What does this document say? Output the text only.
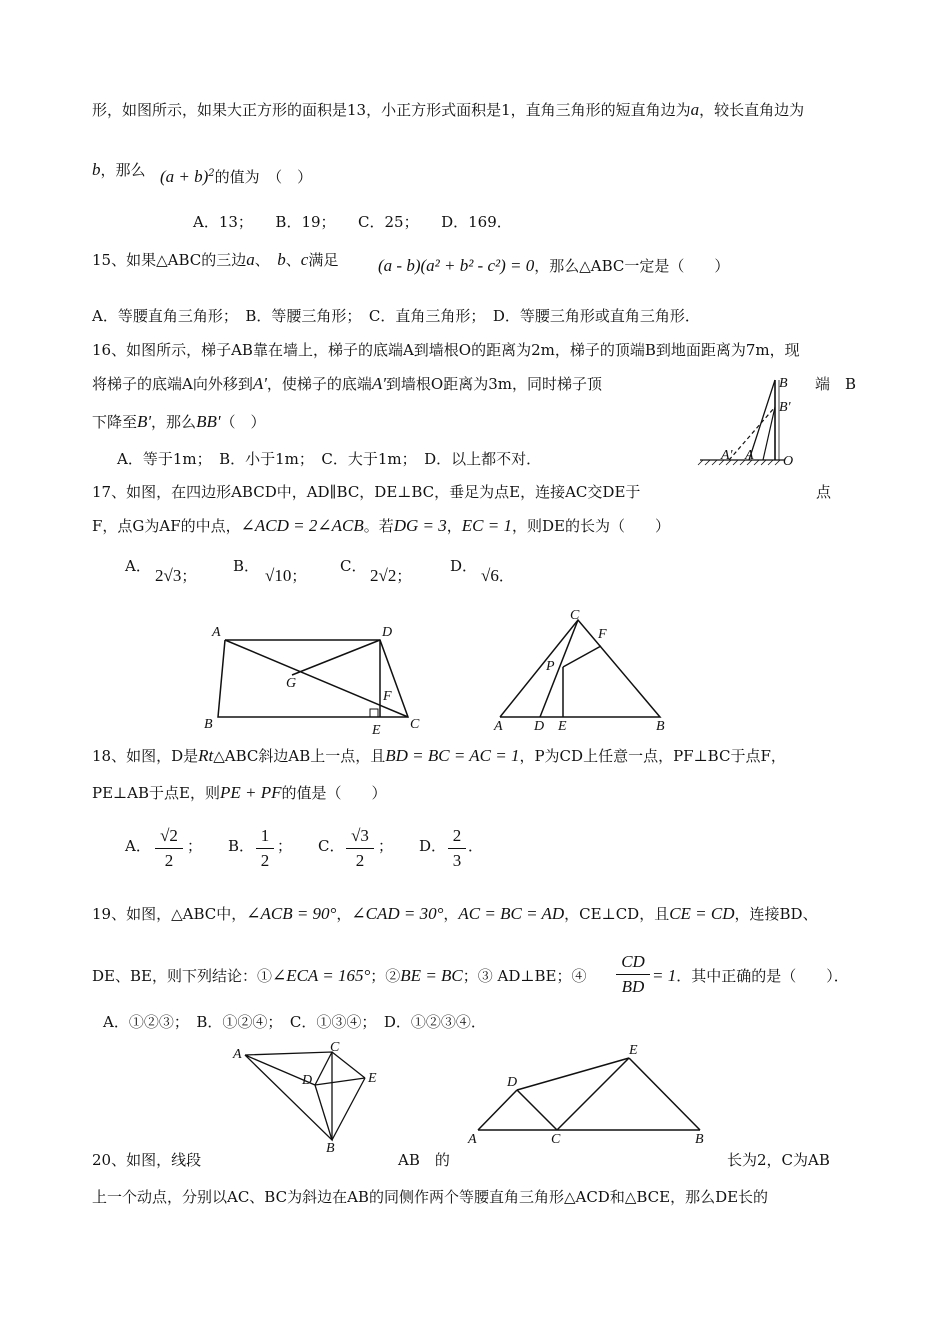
形，如图所示，如果大正方形的面积是13，小正方形式面积是1，直角三角形的短直角边为a，较长直角边为
b，那么 $(a + b)^2$的值为　（　）
A．13；　　B．19；　　C．25；　　D．169．
15、如果△ABC的三边a、　 b、c满足 (a - b)(a² + b² - c²) = 0，那么△ABC一定是（　　）
A．等腰直角三角形；　B．等腰三角形；　C．直角三角形；　D．等腰三角形或直角三角形．
16、如图所示，梯子AB靠在墙上，梯子的底端A到墙根O的距离为2m，梯子的顶端B到地面距离为7m，现
将梯子的底端A向外移到A'，使梯子的底端A'到墙根O距离为3m，同时梯子顶	端　B
下降至B'，那么BB'（　）
A．等于1m；　B．小于1m；　C．大于1m；　D．以上都不对．
B
B'
A' A O
17、如图，在四边形ABCD中，AD∥BC，DE⊥BC，垂足为点E，连接AC交DE于	点
F，点G为AF的中点，∠ACD = 2∠ACB。若DG = 3，EC = 1，则DE的长为（　　）
A． 2√3；
B． √10；
C． 2√2；
D． √6．
A	D
G
F
B	E C
C
F
P
A D E	B
18、如图，D是Rt△ABC斜边AB上一点，且BD = BC = AC = 1，P为CD上任意一点，PF⊥BC于点F，
PE⊥AB于点E，则PE + PF的值是（　　）
A．
√2
2
； B．
1
2
； C．
√3
2
； D．
2
3
．
19、如图，△ABC中，∠ACB = 90°，∠CAD = 30°，AC = BC = AD，CE⊥CD，且CE = CD，连接BD、
DE、BE，则下列结论：①∠ECA = 165°；②BE = BC；③ AD⊥BE；④
CD
BD
= 1．其中正确的是（　　）．
A．①②③；　B．①②④；　C．①③④；　D．①②③④．
A	C
D	E
B
D
E
A	C	B
20、如图，线段	AB　的	长为2，C为AB
上一个动点，分别以AC、BC为斜边在AB的同侧作两个等腰直角三角形△ACD和△BCE，那么DE长的
